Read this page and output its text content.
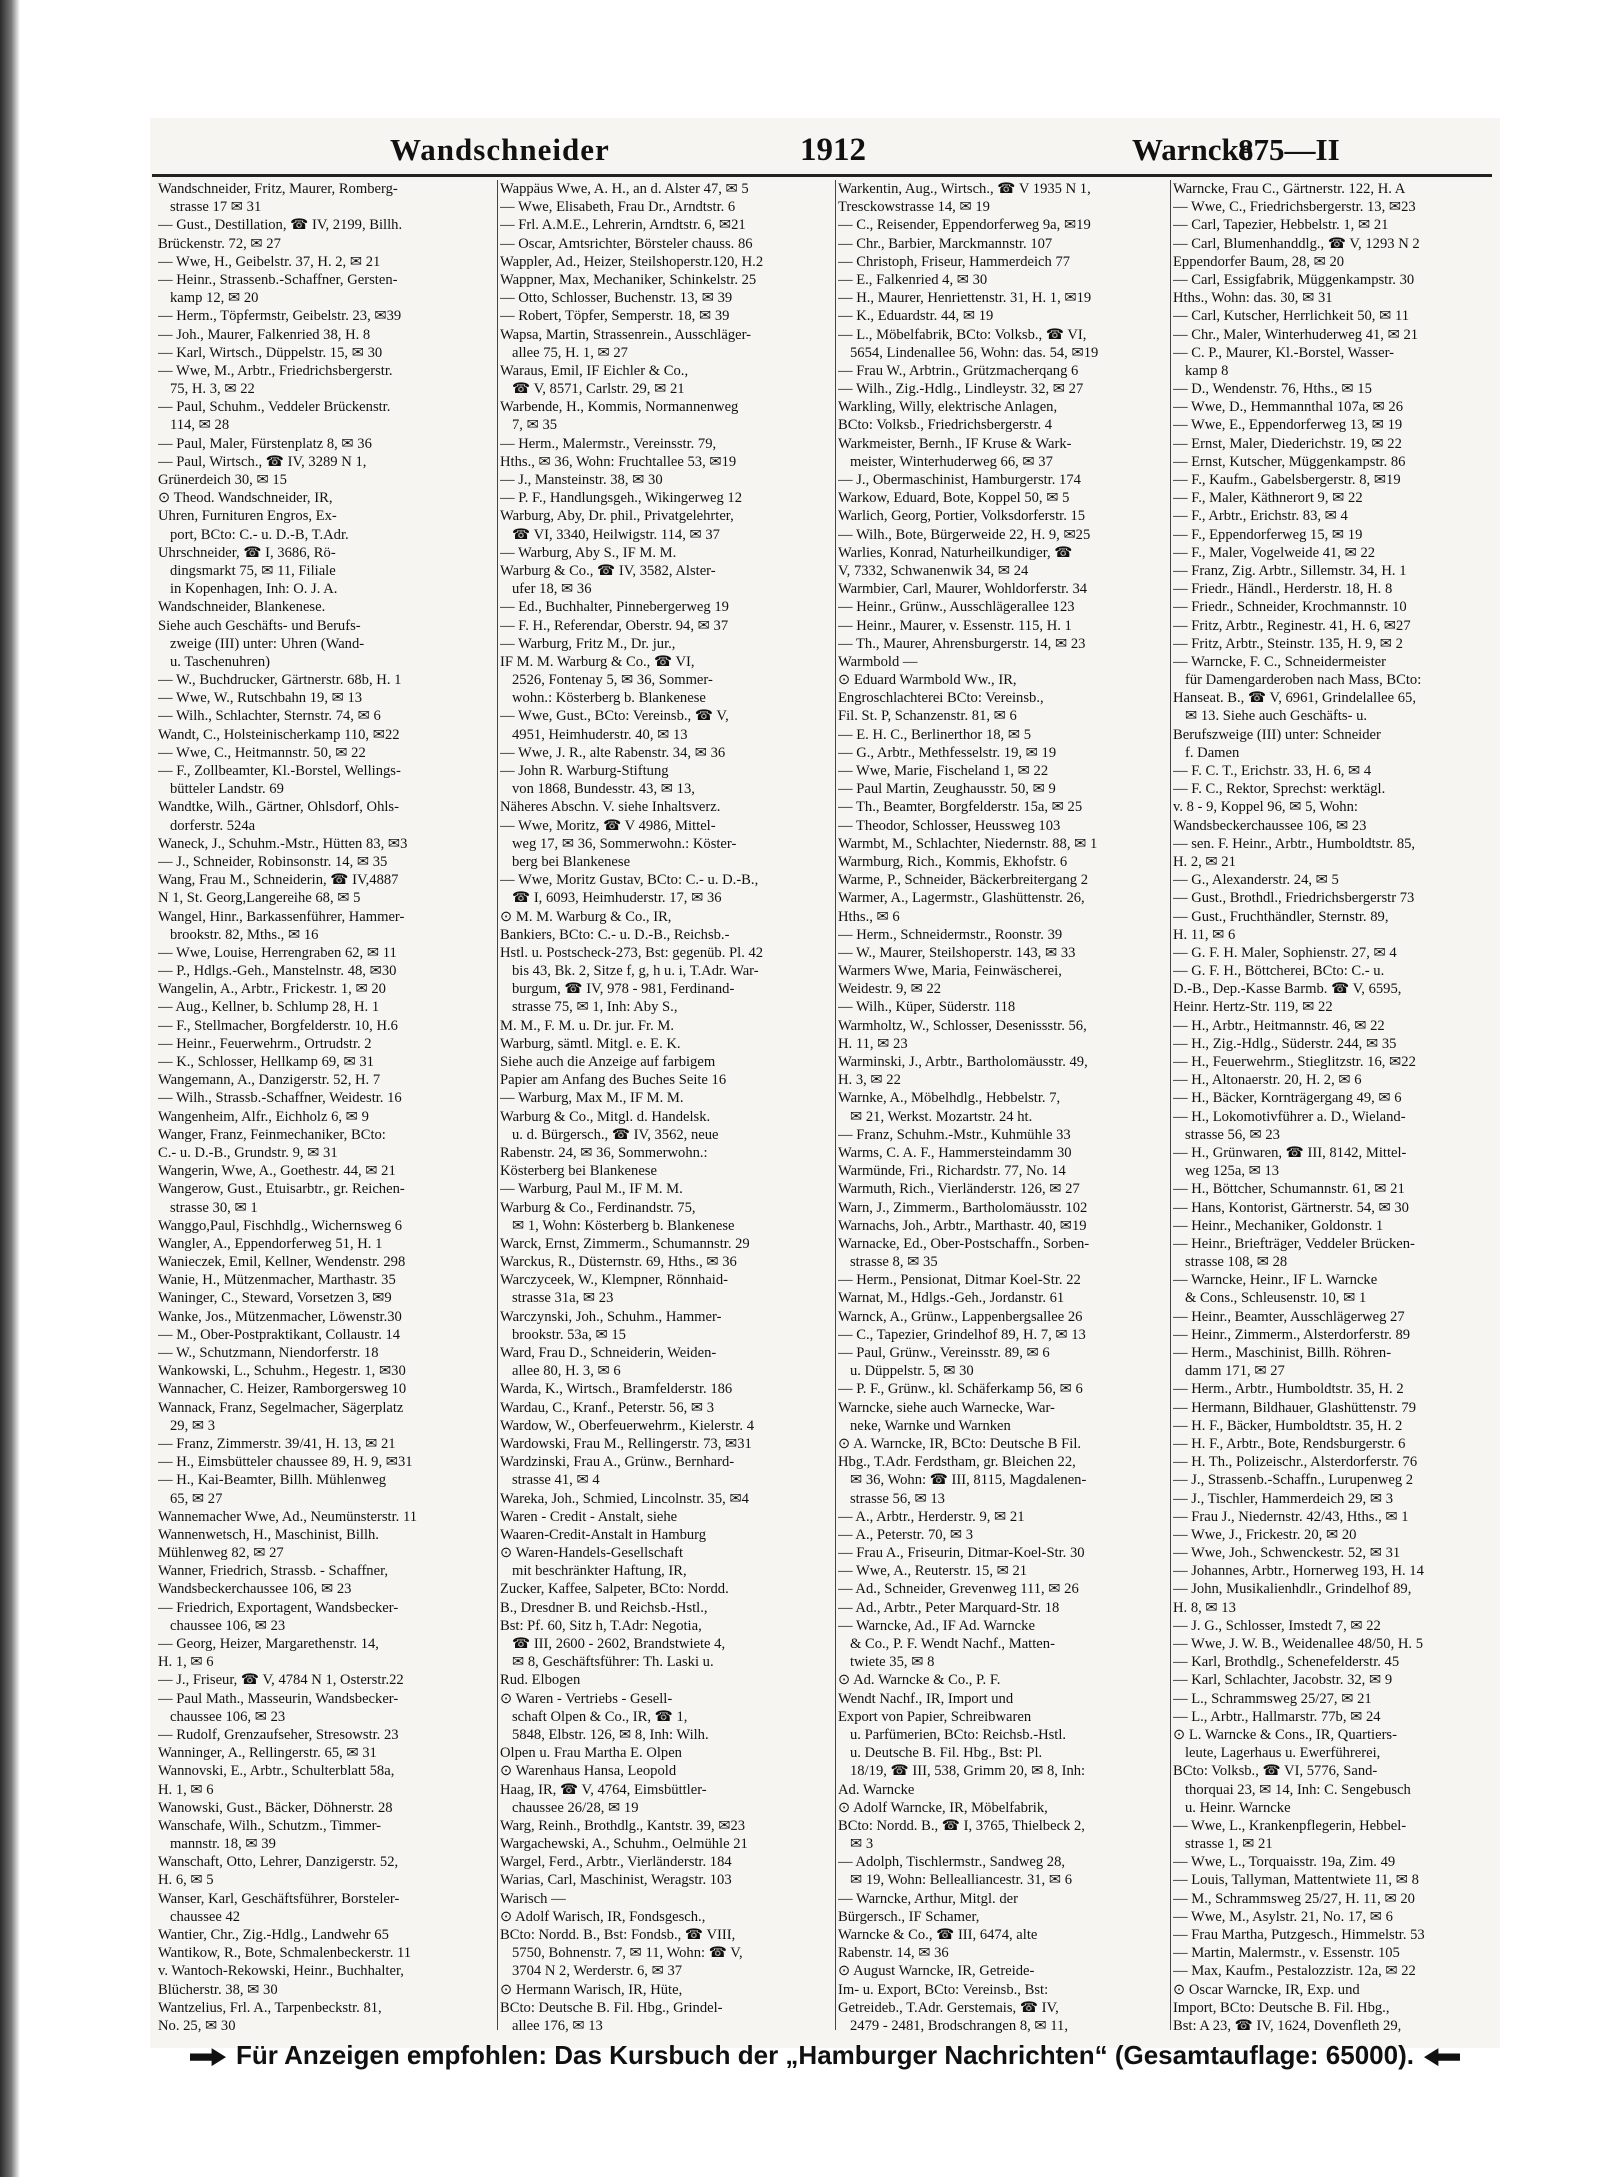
Wandschneider	1912	Warncke
875—II
Wandschneider, Fritz, Maurer, Romberg-
strasse 17 ✉ 31
— Gust., Destillation, ☎ IV, 2199, Billh.
Brückenstr. 72, ✉ 27
— Wwe, H., Geibelstr. 37, H. 2, ✉ 21
— Heinr., Strassenb.-Schaffner, Gersten-
kamp 12, ✉ 20
— Herm., Töpfermstr, Geibelstr. 23, ✉39
— Joh., Maurer, Falkenried 38, H. 8
— Karl, Wirtsch., Düppelstr. 15, ✉ 30
— Wwe, M., Arbtr., Friedrichsbergerstr.
75, H. 3, ✉ 22
— Paul, Schuhm., Veddeler Brückenstr.
114, ✉ 28
— Paul, Maler, Fürstenplatz 8, ✉ 36
— Paul, Wirtsch., ☎ IV, 3289 N 1,
Grünerdeich 30, ✉ 15
⊙ Theod. Wandschneider, IR,
Uhren, Furnituren Engros, Ex-
port, BCto: C.- u. D.-B, T.Adr.
Uhrschneider, ☎ I, 3686, Rö-
dingsmarkt 75, ✉ 11, Filiale
in Kopenhagen, Inh: O. J. A.
Wandschneider, Blankenese.
Siehe auch Geschäfts- und Berufs-
zweige (III) unter: Uhren (Wand-
u. Taschenuhren)
— W., Buchdrucker, Gärtnerstr. 68b, H. 1
— Wwe, W., Rutschbahn 19, ✉ 13
— Wilh., Schlachter, Sternstr. 74, ✉ 6
Wandt, C., Holsteinischerkamp 110, ✉22
— Wwe, C., Heitmannstr. 50, ✉ 22
— F., Zollbeamter, Kl.-Borstel, Wellings-
bütteler Landstr. 69
Wandtke, Wilh., Gärtner, Ohlsdorf, Ohls-
dorferstr. 524a
Waneck, J., Schuhm.-Mstr., Hütten 83, ✉3
— J., Schneider, Robinsonstr. 14, ✉ 35
Wang, Frau M., Schneiderin, ☎ IV,4887
N 1, St. Georg,Langereihe 68, ✉ 5
Wangel, Hinr., Barkassenführer, Hammer-
brookstr. 82, Mths., ✉ 16
— Wwe, Louise, Herrengraben 62, ✉ 11
— P., Hdlgs.-Geh., Manstelnstr. 48, ✉30
Wangelin, A., Arbtr., Frickestr. 1, ✉ 20
— Aug., Kellner, b. Schlump 28, H. 1
— F., Stellmacher, Borgfelderstr. 10, H.6
— Heinr., Feuerwehrm., Ortrudstr. 2
— K., Schlosser, Hellkamp 69, ✉ 31
Wangemann, A., Danzigerstr. 52, H. 7
— Wilh., Strassb.-Schaffner, Weidestr. 16
Wangenheim, Alfr., Eichholz 6, ✉ 9
Wanger, Franz, Feinmechaniker, BCto:
C.- u. D.-B., Grundstr. 9, ✉ 31
Wangerin, Wwe, A., Goethestr. 44, ✉ 21
Wangerow, Gust., Etuisarbtr., gr. Reichen-
strasse 30, ✉ 1
Wanggo,Paul, Fischhdlg., Wichernsweg 6
Wangler, A., Eppendorferweg 51, H. 1
Wanieczek, Emil, Kellner, Wendenstr. 298
Wanie, H., Mützenmacher, Marthastr. 35
Waninger, C., Steward, Vorsetzen 3, ✉9
Wanke, Jos., Mützenmacher, Löwenstr.30
— M., Ober-Postpraktikant, Collaustr. 14
— W., Schutzmann, Niendorferstr. 18
Wankowski, L., Schuhm., Hegestr. 1, ✉30
Wannacher, C. Heizer, Ramborgersweg 10
Wannack, Franz, Segelmacher, Sägerplatz
29, ✉ 3
— Franz, Zimmerstr. 39/41, H. 13, ✉ 21
— H., Eimsbütteler chaussee 89, H. 9, ✉31
— H., Kai-Beamter, Billh. Mühlenweg
65, ✉ 27
Wannemacher Wwe, Ad., Neumünsterstr. 11
Wannenwetsch, H., Maschinist, Billh.
Mühlenweg 82, ✉ 27
Wanner, Friedrich, Strassb. - Schaffner,
Wandsbeckerchaussee 106, ✉ 23
— Friedrich, Exportagent, Wandsbecker-
chaussee 106, ✉ 23
— Georg, Heizer, Margarethenstr. 14,
H. 1, ✉ 6
— J., Friseur, ☎ V, 4784 N 1, Osterstr.22
— Paul Math., Masseurin, Wandsbecker-
chaussee 106, ✉ 23
— Rudolf, Grenzaufseher, Stresowstr. 23
Wanninger, A., Rellingerstr. 65, ✉ 31
Wannovski, E., Arbtr., Schulterblatt 58a,
H. 1, ✉ 6
Wanowski, Gust., Bäcker, Döhnerstr. 28
Wanschafe, Wilh., Schutzm., Timmer-
mannstr. 18, ✉ 39
Wanschaft, Otto, Lehrer, Danzigerstr. 52,
H. 6, ✉ 5
Wanser, Karl, Geschäftsführer, Borsteler-
chaussee 42
Wantier, Chr., Zig.-Hdlg., Landwehr 65
Wantikow, R., Bote, Schmalenbeckerstr. 11
v. Wantoch-Rekowski, Heinr., Buchhalter,
Blücherstr. 38, ✉ 30
Wantzelius, Frl. A., Tarpenbeckstr. 81,
No. 25, ✉ 30
Wappäus Wwe, A. H., an d. Alster 47, ✉ 5
— Wwe, Elisabeth, Frau Dr., Arndtstr. 6
— Frl. A.M.E., Lehrerin, Arndtstr. 6, ✉21
— Oscar, Amtsrichter, Börsteler chauss. 86
Wappler, Ad., Heizer, Steilshoperstr.120, H.2
Wappner, Max, Mechaniker, Schinkelstr. 25
— Otto, Schlosser, Buchenstr. 13, ✉ 39
— Robert, Töpfer, Semperstr. 18, ✉ 39
Wapsa, Martin, Strassenrein., Ausschläger-
allee 75, H. 1, ✉ 27
Waraus, Emil, IF Eichler & Co.,
☎ V, 8571, Carlstr. 29, ✉ 21
Warbende, H., Kommis, Normannenweg
7, ✉ 35
— Herm., Malermstr., Vereinsstr. 79,
Hths., ✉ 36, Wohn: Fruchtallee 53, ✉19
— J., Mansteinstr. 38, ✉ 30
— P. F., Handlungsgeh., Wikingerweg 12
Warburg, Aby, Dr. phil., Privatgelehrter,
☎ VI, 3340, Heilwigstr. 114, ✉ 37
— Warburg, Aby S., IF M. M.
Warburg & Co., ☎ IV, 3582, Alster-
ufer 18, ✉ 36
— Ed., Buchhalter, Pinnebergerweg 19
— F. H., Referendar, Oberstr. 94, ✉ 37
— Warburg, Fritz M., Dr. jur.,
IF M. M. Warburg & Co., ☎ VI,
2526, Fontenay 5, ✉ 36, Sommer-
wohn.: Kösterberg b. Blankenese
— Wwe, Gust., BCto: Vereinsb., ☎ V,
4951, Heimhuderstr. 40, ✉ 13
— Wwe, J. R., alte Rabenstr. 34, ✉ 36
— John R. Warburg-Stiftung
von 1868, Bundesstr. 43, ✉ 13,
Näheres Abschn. V. siehe Inhaltsverz.
— Wwe, Moritz, ☎ V 4986, Mittel-
weg 17, ✉ 36, Sommerwohn.: Köster-
berg bei Blankenese
— Wwe, Moritz Gustav, BCto: C.- u. D.-B.,
☎ I, 6093, Heimhuderstr. 17, ✉ 36
⊙ M. M. Warburg & Co., IR,
Bankiers, BCto: C.- u. D.-B., Reichsb.-
Hstl. u. Postscheck-273, Bst: gegenüb. Pl. 42
bis 43, Bk. 2, Sitze f, g, h u. i, T.Adr. War-
burgum, ☎ IV, 978 - 981, Ferdinand-
strasse 75, ✉ 1, Inh: Aby S.,
M. M., F. M. u. Dr. jur. Fr. M.
Warburg, sämtl. Mitgl. e. E. K.
Siehe auch die Anzeige auf farbigem
Papier am Anfang des Buches Seite 16
— Warburg, Max M., IF M. M.
Warburg & Co., Mitgl. d. Handelsk.
u. d. Bürgersch., ☎ IV, 3562, neue
Rabenstr. 24, ✉ 36, Sommerwohn.:
Kösterberg bei Blankenese
— Warburg, Paul M., IF M. M.
Warburg & Co., Ferdinandstr. 75,
✉ 1, Wohn: Kösterberg b. Blankenese
Warck, Ernst, Zimmerm., Schumannstr. 29
Warckus, R., Düsternstr. 69, Hths., ✉ 36
Warczyceek, W., Klempner, Rönnhaid-
strasse 31a, ✉ 23
Warczynski, Joh., Schuhm., Hammer-
brookstr. 53a, ✉ 15
Ward, Frau D., Schneiderin, Weiden-
allee 80, H. 3, ✉ 6
Warda, K., Wirtsch., Bramfelderstr. 186
Wardau, C., Kranf., Peterstr. 56, ✉ 3
Wardow, W., Oberfeuerwehrm., Kielerstr. 4
Wardowski, Frau M., Rellingerstr. 73, ✉31
Wardzinski, Frau A., Grünw., Bernhard-
strasse 41, ✉ 4
Wareka, Joh., Schmied, Lincolnstr. 35, ✉4
Waren - Credit - Anstalt, siehe
Waaren-Credit-Anstalt in Hamburg
⊙ Waren-Handels-Gesellschaft
mit beschränkter Haftung, IR,
Zucker, Kaffee, Salpeter, BCto: Nordd.
B., Dresdner B. und Reichsb.-Hstl.,
Bst: Pf. 60, Sitz h, T.Adr: Negotia,
☎ III, 2600 - 2602, Brandstwiete 4,
✉ 8, Geschäftsführer: Th. Laski u.
Rud. Elbogen
⊙ Waren - Vertriebs - Gesell-
schaft Olpen & Co., IR, ☎ 1,
5848, Elbstr. 126, ✉ 8, Inh: Wilh.
Olpen u. Frau Martha E. Olpen
⊙ Warenhaus Hansa, Leopold
Haag, IR, ☎ V, 4764, Eimsbüttler-
chaussee 26/28, ✉ 19
Warg, Reinh., Brothdlg., Kantstr. 39, ✉23
Wargachewski, A., Schuhm., Oelmühle 21
Wargel, Ferd., Arbtr., Vierländerstr. 184
Warias, Carl, Maschinist, Weragstr. 103
Warisch —
⊙ Adolf Warisch, IR, Fondsgesch.,
BCto: Nordd. B., Bst: Fondsb., ☎ VIII,
5750, Bohnenstr. 7, ✉ 11, Wohn: ☎ V,
3704 N 2, Werderstr. 6, ✉ 37
⊙ Hermann Warisch, IR, Hüte,
BCto: Deutsche B. Fil. Hbg., Grindel-
allee 176, ✉ 13
Warkentin, Aug., Wirtsch., ☎ V 1935 N 1,
Tresckowstrasse 14, ✉ 19
— C., Reisender, Eppendorferweg 9a, ✉19
— Chr., Barbier, Marckmannstr. 107
— Christoph, Friseur, Hammerdeich 77
— E., Falkenried 4, ✉ 30
— H., Maurer, Henriettenstr. 31, H. 1, ✉19
— K., Eduardstr. 44, ✉ 19
— L., Möbelfabrik, BCto: Volksb., ☎ VI,
5654, Lindenallee 56, Wohn: das. 54, ✉19
— Frau W., Arbtrin., Grützmacherqang 6
— Wilh., Zig.-Hdlg., Lindleystr. 32, ✉ 27
Warkling, Willy, elektrische Anlagen,
BCto: Volksb., Friedrichsbergerstr. 4
Warkmeister, Bernh., IF Kruse & Wark-
meister, Winterhuderweg 66, ✉ 37
— J., Obermaschinist, Hamburgerstr. 174
Warkow, Eduard, Bote, Koppel 50, ✉ 5
Warlich, Georg, Portier, Volksdorferstr. 15
— Wilh., Bote, Bürgerweide 22, H. 9, ✉25
Warlies, Konrad, Naturheilkundiger, ☎
V, 7332, Schwanenwik 34, ✉ 24
Warmbier, Carl, Maurer, Wohldorferstr. 34
— Heinr., Grünw., Ausschlägerallee 123
— Heinr., Maurer, v. Essenstr. 115, H. 1
— Th., Maurer, Ahrensburgerstr. 14, ✉ 23
Warmbold —
⊙ Eduard Warmbold Ww., IR,
Engroschlachterei BCto: Vereinsb.,
Fil. St. P, Schanzenstr. 81, ✉ 6
— E. H. C., Berlinerthor 18, ✉ 5
— G., Arbtr., Methfesselstr. 19, ✉ 19
— Wwe, Marie, Fischeland 1, ✉ 22
— Paul Martin, Zeughausstr. 50, ✉ 9
— Th., Beamter, Borgfelderstr. 15a, ✉ 25
— Theodor, Schlosser, Heussweg 103
Warmbt, M., Schlachter, Niedernstr. 88, ✉ 1
Warmburg, Rich., Kommis, Ekhofstr. 6
Warme, P., Schneider, Bäckerbreitergang 2
Warmer, A., Lagermstr., Glashüttenstr. 26,
Hths., ✉ 6
— Herm., Schneidermstr., Roonstr. 39
— W., Maurer, Steilshoperstr. 143, ✉ 33
Warmers Wwe, Maria, Feinwäscherei,
Weidestr. 9, ✉ 22
— Wilh., Küper, Süderstr. 118
Warmholtz, W., Schlosser, Desenissstr. 56,
H. 11, ✉ 23
Warminski, J., Arbtr., Bartholomäusstr. 49,
H. 3, ✉ 22
Warnke, A., Möbelhdlg., Hebbelstr. 7,
✉ 21, Werkst. Mozartstr. 24 ht.
— Franz, Schuhm.-Mstr., Kuhmühle 33
Warms, C. A. F., Hammersteindamm 30
Warmünde, Fri., Richardstr. 77, No. 14
Warmuth, Rich., Vierländerstr. 126, ✉ 27
Warn, J., Zimmerm., Bartholomäusstr. 102
Warnachs, Joh., Arbtr., Marthastr. 40, ✉19
Warnacke, Ed., Ober-Postschaffn., Sorben-
strasse 8, ✉ 35
— Herm., Pensionat, Ditmar Koel-Str. 22
Warnat, M., Hdlgs.-Geh., Jordanstr. 61
Warnck, A., Grünw., Lappenbergsallee 26
— C., Tapezier, Grindelhof 89, H. 7, ✉ 13
— Paul, Grünw., Vereinsstr. 89, ✉ 6
u. Düppelstr. 5, ✉ 30
— P. F., Grünw., kl. Schäferkamp 56, ✉ 6
Warncke, siehe auch Warnecke, War-
neke, Warnke und Warnken
⊙ A. Warncke, IR, BCto: Deutsche B Fil.
Hbg., T.Adr. Ferdstham, gr. Bleichen 22,
✉ 36, Wohn: ☎ III, 8115, Magdalenen-
strasse 56, ✉ 13
— A., Arbtr., Herderstr. 9, ✉ 21
— A., Peterstr. 70, ✉ 3
— Frau A., Friseurin, Ditmar-Koel-Str. 30
— Wwe, A., Reuterstr. 15, ✉ 21
— Ad., Schneider, Grevenweg 111, ✉ 26
— Ad., Arbtr., Peter Marquard-Str. 18
— Warncke, Ad., IF Ad. Warncke
& Co., P. F. Wendt Nachf., Matten-
twiete 35, ✉ 8
⊙ Ad. Warncke & Co., P. F.
Wendt Nachf., IR, Import und
Export von Papier, Schreibwaren
u. Parfümerien, BCto: Reichsb.-Hstl.
u. Deutsche B. Fil. Hbg., Bst: Pl.
18/19, ☎ III, 538, Grimm 20, ✉ 8, Inh:
Ad. Warncke
⊙ Adolf Warncke, IR, Möbelfabrik,
BCto: Nordd. B., ☎ I, 3765, Thielbeck 2,
✉ 3
— Adolph, Tischlermstr., Sandweg 28,
✉ 19, Wohn: Bellealliancestr. 31, ✉ 6
— Warncke, Arthur, Mitgl. der
Bürgersch., IF Schamer,
Warncke & Co., ☎ III, 6474, alte
Rabenstr. 14, ✉ 36
⊙ August Warncke, IR, Getreide-
Im- u. Export, BCto: Vereinsb., Bst:
Getreideb., T.Adr. Gerstemais, ☎ IV,
2479 - 2481, Brodschrangen 8, ✉ 11,
Warncke, Frau C., Gärtnerstr. 122, H. A
— Wwe, C., Friedrichsbergerstr. 13, ✉23
— Carl, Tapezier, Hebbelstr. 1, ✉ 21
— Carl, Blumenhanddlg., ☎ V, 1293 N 2
Eppendorfer Baum, 28, ✉ 20
— Carl, Essigfabrik, Müggenkampstr. 30
Hths., Wohn: das. 30, ✉ 31
— Carl, Kutscher, Herrlichkeit 50, ✉ 11
— Chr., Maler, Winterhuderweg 41, ✉ 21
— C. P., Maurer, Kl.-Borstel, Wasser-
kamp 8
— D., Wendenstr. 76, Hths., ✉ 15
— Wwe, D., Hemmannthal 107a, ✉ 26
— Wwe, E., Eppendorferweg 13, ✉ 19
— Ernst, Maler, Diederichstr. 19, ✉ 22
— Ernst, Kutscher, Müggenkampstr. 86
— F., Kaufm., Gabelsbergerstr. 8, ✉19
— F., Maler, Käthnerort 9, ✉ 22
— F., Arbtr., Erichstr. 83, ✉ 4
— F., Eppendorferweg 15, ✉ 19
— F., Maler, Vogelweide 41, ✉ 22
— Franz, Zig. Arbtr., Sillemstr. 34, H. 1
— Friedr., Händl., Herderstr. 18, H. 8
— Friedr., Schneider, Krochmannstr. 10
— Fritz, Arbtr., Reginestr. 41, H. 6, ✉27
— Fritz, Arbtr., Steinstr. 135, H. 9, ✉ 2
— Warncke, F. C., Schneidermeister
für Damengarderoben nach Mass, BCto:
Hanseat. B., ☎ V, 6961, Grindelallee 65,
✉ 13. Siehe auch Geschäfts- u.
Berufszweige (III) unter: Schneider
f. Damen
— F. C. T., Erichstr. 33, H. 6, ✉ 4
— F. C., Rektor, Sprechst: werktägl.
v. 8 - 9, Koppel 96, ✉ 5, Wohn:
Wandsbeckerchaussee 106, ✉ 23
— sen. F. Heinr., Arbtr., Humboldtstr. 85,
H. 2, ✉ 21
— G., Alexanderstr. 24, ✉ 5
— Gust., Brothdl., Friedrichsbergerstr 73
— Gust., Fruchthändler, Sternstr. 89,
H. 11, ✉ 6
— G. F. H. Maler, Sophienstr. 27, ✉ 4
— G. F. H., Böttcherei, BCto: C.- u.
D.-B., Dep.-Kasse Barmb. ☎ V, 6595,
Heinr. Hertz-Str. 119, ✉ 22
— H., Arbtr., Heitmannstr. 46, ✉ 22
— H., Zig.-Hdlg., Süderstr. 244, ✉ 35
— H., Feuerwehrm., Stieglitzstr. 16, ✉22
— H., Altonaerstr. 20, H. 2, ✉ 6
— H., Bäcker, Kornträgergang 49, ✉ 6
— H., Lokomotivführer a. D., Wieland-
strasse 56, ✉ 23
— H., Grünwaren, ☎ III, 8142, Mittel-
weg 125a, ✉ 13
— H., Böttcher, Schumannstr. 61, ✉ 21
— Hans, Kontorist, Gärtnerstr. 54, ✉ 30
— Heinr., Mechaniker, Goldonstr. 1
— Heinr., Briefträger, Veddeler Brücken-
strasse 108, ✉ 28
— Warncke, Heinr., IF L. Warncke
& Cons., Schleusenstr. 10, ✉ 1
— Heinr., Beamter, Ausschlägerweg 27
— Heinr., Zimmerm., Alsterdorferstr. 89
— Herm., Maschinist, Billh. Röhren-
damm 171, ✉ 27
— Herm., Arbtr., Humboldtstr. 35, H. 2
— Hermann, Bildhauer, Glashüttenstr. 79
— H. F., Bäcker, Humboldtstr. 35, H. 2
— H. F., Arbtr., Bote, Rendsburgerstr. 6
— H. Th., Polizeischr., Alsterdorferstr. 76
— J., Strassenb.-Schaffn., Lurupenweg 2
— J., Tischler, Hammerdeich 29, ✉ 3
— Frau J., Niedernstr. 42/43, Hths., ✉ 1
— Wwe, J., Frickestr. 20, ✉ 20
— Wwe, Joh., Schwenckestr. 52, ✉ 31
— Johannes, Arbtr., Hornerweg 193, H. 14
— John, Musikalienhdlr., Grindelhof 89,
H. 8, ✉ 13
— J. G., Schlosser, Imstedt 7, ✉ 22
— Wwe, J. W. B., Weidenallee 48/50, H. 5
— Karl, Brothdlg., Schenefelderstr. 45
— Karl, Schlachter, Jacobstr. 32, ✉ 9
— L., Schrammsweg 25/27, ✉ 21
— L., Arbtr., Hallmarstr. 77b, ✉ 24
⊙ L. Warncke & Cons., IR, Quartiers-
leute, Lagerhaus u. Ewerführerei,
BCto: Volksb., ☎ VI, 5776, Sand-
thorquai 23, ✉ 14, Inh: C. Sengebusch
u. Heinr. Warncke
— Wwe, L., Krankenpflegerin, Hebbel-
strasse 1, ✉ 21
— Wwe, L., Torquaisstr. 19a, Zim. 49
— Louis, Tallyman, Mattentwiete 11, ✉ 8
— M., Schrammsweg 25/27, H. 11, ✉ 20
— Wwe, M., Asylstr. 21, No. 17, ✉ 6
— Frau Martha, Putzgesch., Himmelstr. 53
— Martin, Malermstr., v. Essenstr. 105
— Max, Kaufm., Pestalozzistr. 12a, ✉ 22
⊙ Oscar Warncke, IR, Exp. und
Import, BCto: Deutsche B. Fil. Hbg.,
Bst: A 23, ☎ IV, 1624, Dovenfleth 29,
Für Anzeigen empfohlen: Das Kursbuch der „Hamburger Nachrichten“ (Gesamtauflage: 65000).
